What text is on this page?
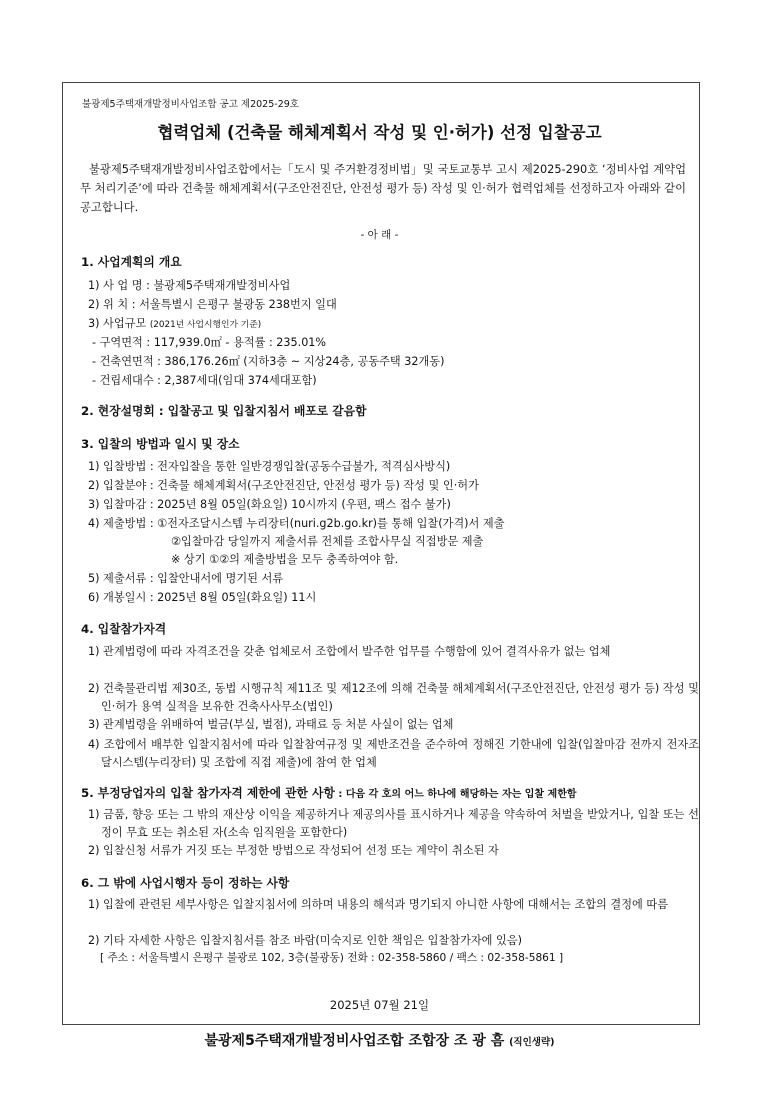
불광제5주택재개발정비사업조합 공고 제2025-29호
협력업체 (건축물 해체계획서 작성 및 인·허가) 선정 입찰공고
불광제5주택재개발정비사업조합에서는「도시 및 주거환경정비법」및 국토교통부 고시 제2025-290호 ‘정비사업 계약업무 처리기준’에 따라 건축물 해체계획서(구조안전진단, 안전성 평가 등) 작성 및 인·허가 협력업체를 선정하고자 아래와 같이 공고합니다.
- 아 래 -
1. 사업계획의 개요
1) 사 업 명 : 불광제5주택재개발정비사업
2) 위 치 : 서울특별시 은평구 불광동 238번지 일대
3) 사업규모 (2021년 사업시행인가 기준)
- 구역면적 : 117,939.0㎡ - 용적률 : 235.01%
- 건축연면적 : 386,176.26㎡ (지하3층 ~ 지상24층, 공동주택 32개동)
- 건립세대수 : 2,387세대(임대 374세대포함)
2. 현장설명회 : 입찰공고 및 입찰지침서 배포로 갈음함
3. 입찰의 방법과 일시 및 장소
1) 입찰방법 : 전자입찰을 통한 일반경쟁입찰(공동수급불가, 적격심사방식)
2) 입찰분야 : 건축물 해체계획서(구조안전진단, 안전성 평가 등) 작성 및 인·허가
3) 입찰마감 : 2025년 8월 05일(화요일) 10시까지 (우편, 팩스 접수 불가)
4) 제출방법 : ①전자조달시스템 누리장터(nuri.g2b.go.kr)를 통해 입찰(가격)서 제출
②입찰마감 당일까지 제출서류 전체를 조합사무실 직접방문 제출
※ 상기 ①②의 제출방법을 모두 충족하여야 함.
5) 제출서류 : 입찰안내서에 명기된 서류
6) 개봉일시 : 2025년 8월 05일(화요일) 11시
4. 입찰참가자격
1) 관계법령에 따라 자격조건을 갖춘 업체로서 조합에서 발주한 업무를 수행함에 있어 결격사유가 없는 업체
2) 건축물관리법 제30조, 동법 시행규칙 제11조 및 제12조에 의해 건축물 해체계획서(구조안전진단, 안전성 평가 등) 작성 및 인·허가 용역 실적을 보유한 건축사사무소(법인)
3) 관계법령을 위배하여 벌금(부실, 벌점), 과태료 등 처분 사실이 없는 업체
4) 조합에서 배부한 입찰지침서에 따라 입찰참여규정 및 제반조건을 준수하여 정해진 기한내에 입찰(입찰마감 전까지 전자조달시스템(누리장터) 및 조합에 직접 제출)에 참여 한 업체
5. 부정당업자의 입찰 참가자격 제한에 관한 사항 : 다음 각 호의 어느 하나에 해당하는 자는 입찰 제한함
1) 금품, 향응 또는 그 밖의 재산상 이익을 제공하거나 제공의사를 표시하거나 제공을 약속하여 처벌을 받았거나, 입찰 또는 선정이 무효 또는 취소된 자(소속 임직원을 포함한다)
2) 입찰신청 서류가 거짓 또는 부정한 방법으로 작성되어 선정 또는 계약이 취소된 자
6. 그 밖에 사업시행자 등이 정하는 사항
1) 입찰에 관련된 세부사항은 입찰지침서에 의하며 내용의 해석과 명기되지 아니한 사항에 대해서는 조합의 결정에 따름
2) 기타 자세한 사항은 입찰지침서를 참조 바람(미숙지로 인한 책임은 입찰참가자에 있음)
[ 주소 : 서울특별시 은평구 불광로 102, 3층(불광동) 전화 : 02-358-5860 / 팩스 : 02-358-5861 ]
2025년 07월 21일
불광제5주택재개발정비사업조합 조합장 조 광 흠 (직인생략)
